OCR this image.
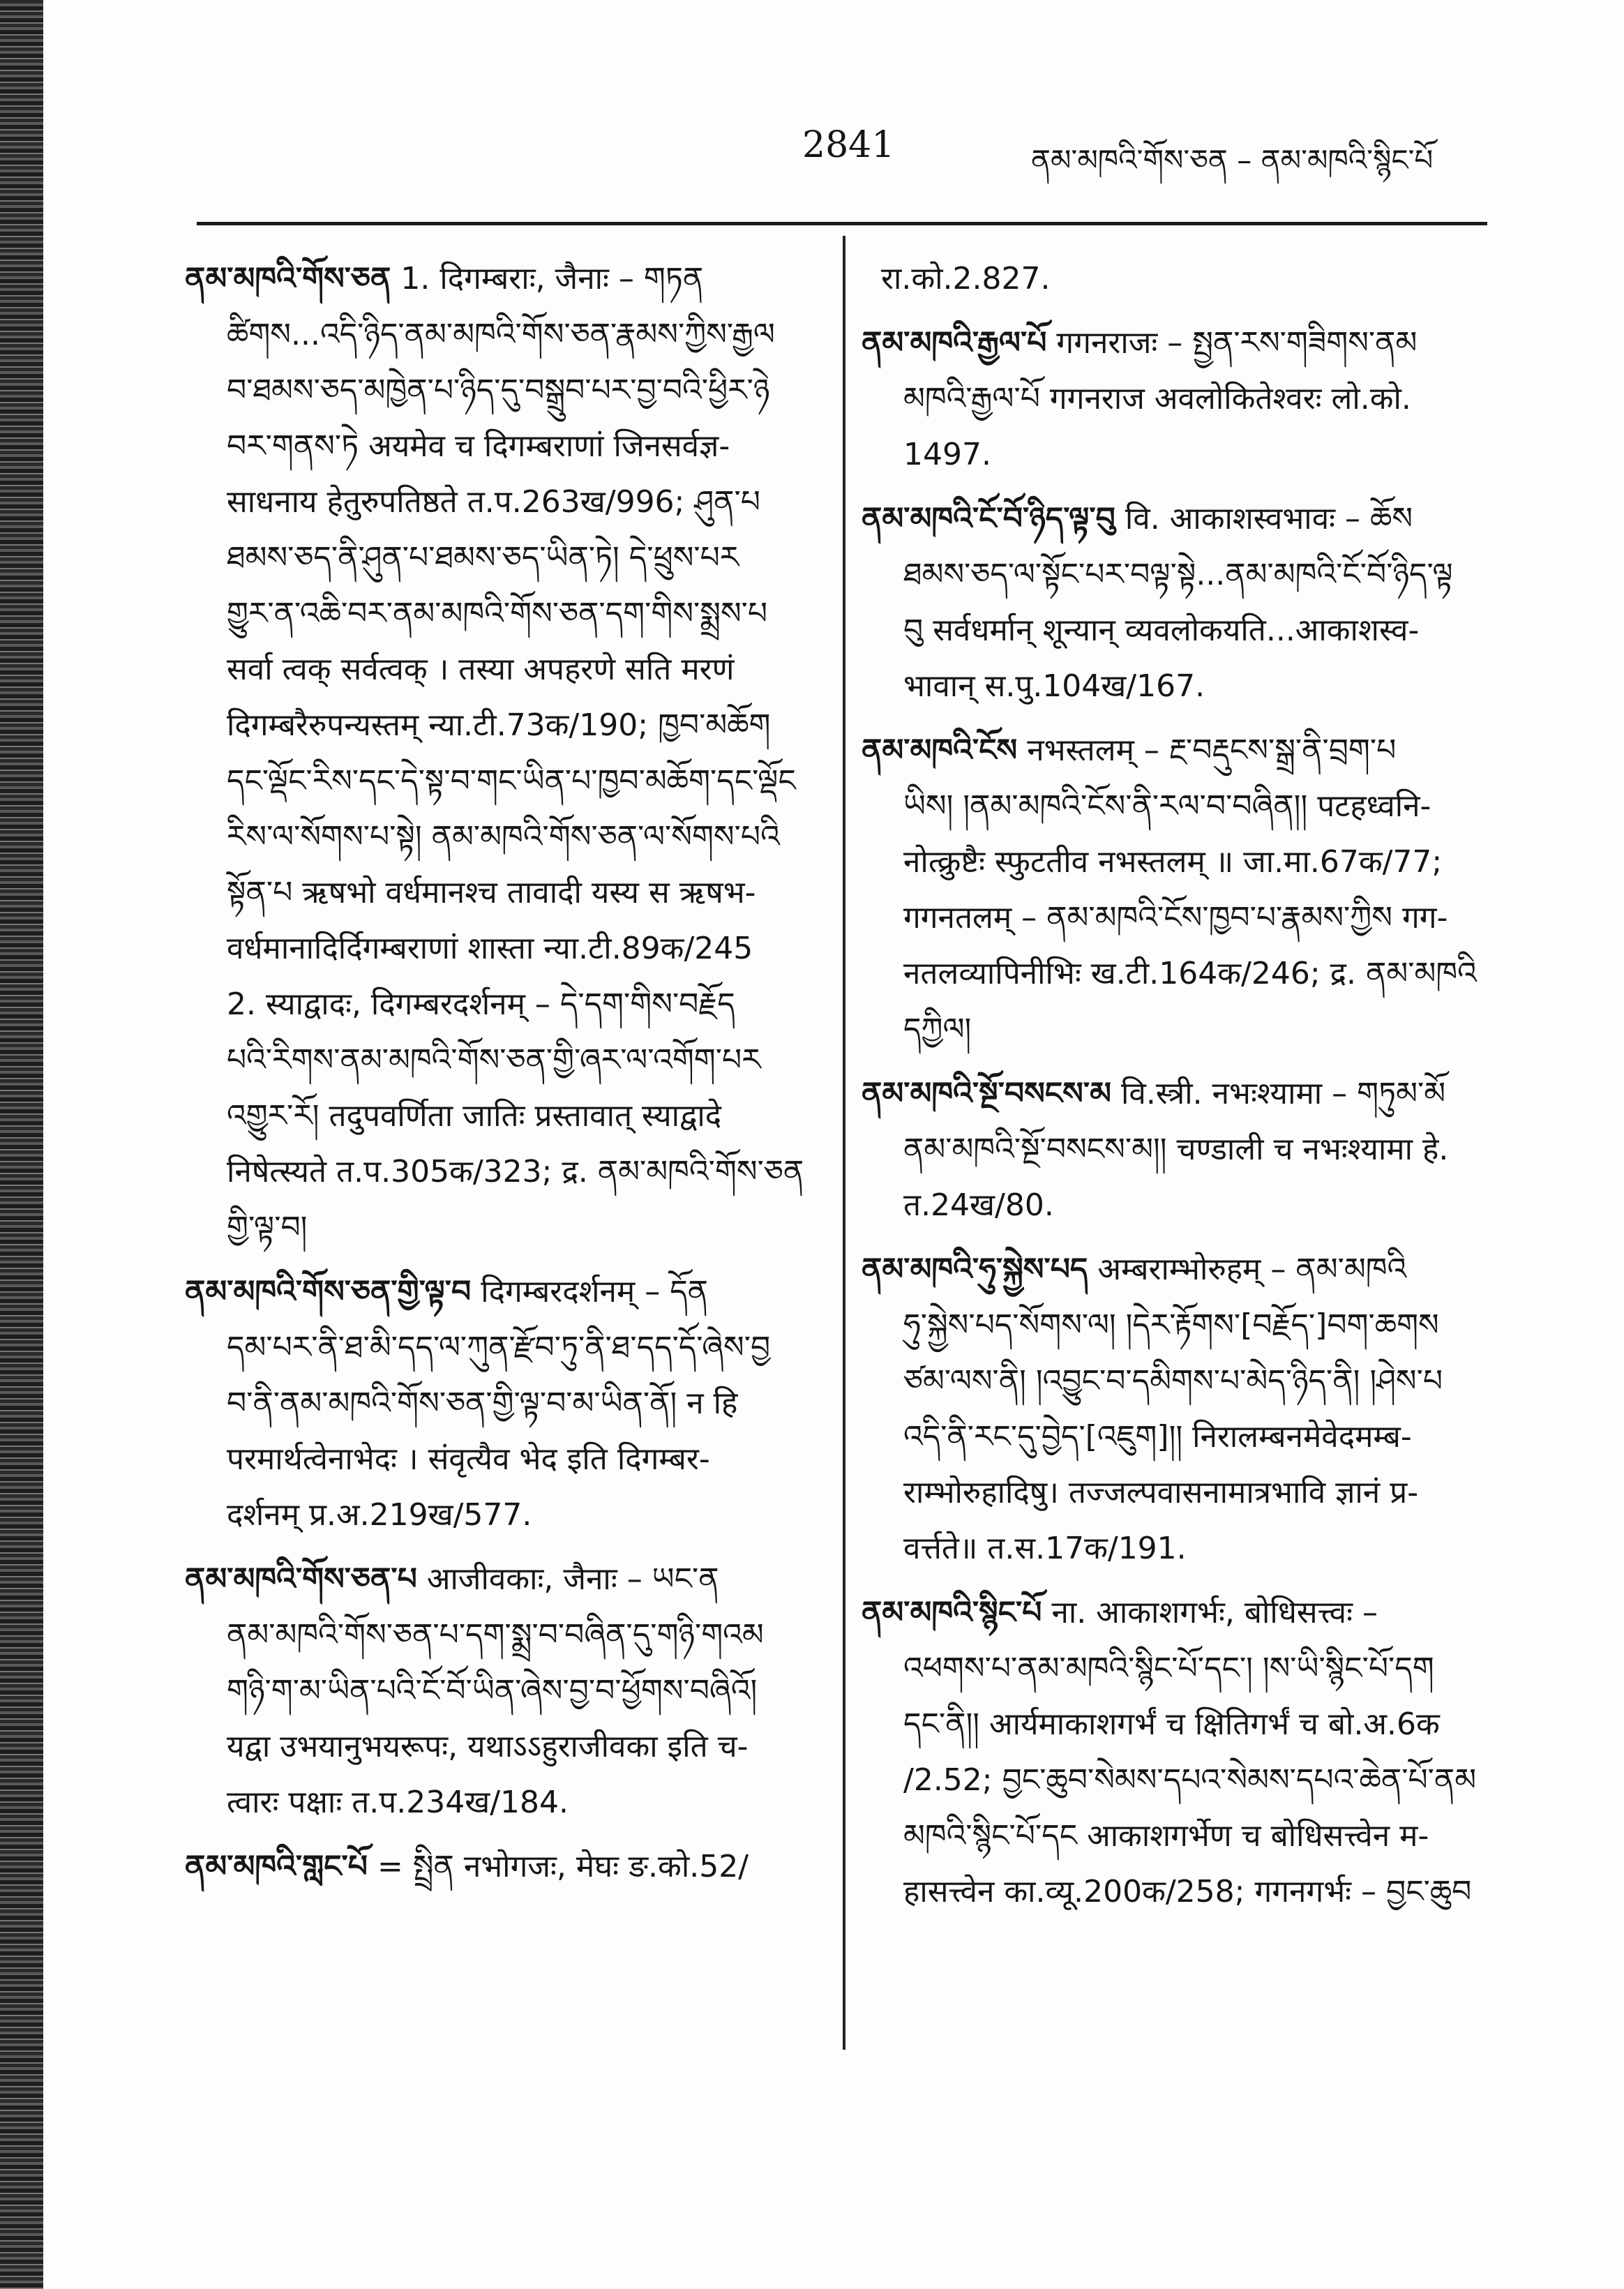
2841	ནམ་མཁའི་གོས་ཅན – ནམ་མཁའི་སྙིང་པོ

ནམ་མཁའི་གོས་ཅན 1. दिगम्बराः, जैनाः – གཏན

ཚིགས...འདི་ཉིད་ནམ་མཁའི་གོས་ཅན་རྣམས་ཀྱིས་རྒྱལ

བ་ཐམས་ཅད་མཁྱེན་པ་ཉིད་དུ་བསྒྲུབ་པར་བྱ་བའི་ཕྱིར་ཉེ

བར་གནས་ཏེ अयमेव च दिगम्बराणां जिनसर्वज्ञ-

साधनाय हेतुरुपतिष्ठते त.प.263ख/996; ཤུན་པ

ཐམས་ཅད་ནི་ཤུན་པ་ཐམས་ཅད་ཡིན་ཏེ། དེ་ཕྲུས་པར

གྱུར་ན་འཆི་བར་ནམ་མཁའི་གོས་ཅན་དག་གིས་སྨྲས་པ

सर्वा त्वक् सर्वत्वक् । तस्या अपहरणे सति मरणं

दिगम्बरैरुपन्यस्तम् न्या.टी.73क/190; ཁྱབ་མཆོག

དང་ལྡོང་རིས་དང་དེ་སྟ་བ་གང་ཡིན་པ་ཁྱབ་མཆོག་དང་ལྡོང

རིས་ལ་སོགས་པ་སྟེ། ནམ་མཁའི་གོས་ཅན་ལ་སོགས་པའི

སྟོན་པ ऋषभो वर्धमानश्च तावादी यस्य स ऋषभ-

वर्धमानादिर्दिगम्बराणां शास्ता न्या.टी.89क/245

2. स्याद्वादः, दिगम्बरदर्शनम् – དེ་དག་གིས་བརྗོད

པའི་རིགས་ནམ་མཁའི་གོས་ཅན་གྱི་ཞར་ལ་འགོག་པར

འགྱུར་རོ། तदुपवर्णिता जातिः प्रस्तावात् स्याद्वादे

निषेत्स्यते त.प.305क/323; द्र. ནམ་མཁའི་གོས་ཅན

གྱི་ལྟ་བ།

ནམ་མཁའི་གོས་ཅན་གྱི་ལྟ་བ दिगम्बरदर्शनम् – དོན

དམ་པར་ནི་ཐ་མི་དད་ལ་ཀུན་རྫོབ་ཏུ་ནི་ཐ་དད་དོ་ཞེས་བྱ

བ་ནི་ནམ་མཁའི་གོས་ཅན་གྱི་ལྟ་བ་མ་ཡིན་ནོ། न हि

परमार्थत्वेनाभेदः । संवृत्यैव भेद इति दिगम्बर-

दर्शनम् प्र.अ.219ख/577.

ནམ་མཁའི་གོས་ཅན་པ आजीवकाः, जैनाः – ཡང་ན

ནམ་མཁའི་གོས་ཅན་པ་དག་སྨྲ་བ་བཞིན་དུ་གཉི་གའམ

གཉི་ག་མ་ཡིན་པའི་ངོ་བོ་ཡིན་ཞེས་བྱ་བ་ཕྱོགས་བཞིའོ།

यद्वा उभयानुभयरूपः, यथाऽऽहुराजीवका इति च-

त्वारः पक्षाः त.प.234ख/184.

ནམ་མཁའི་གླང་པོ = སྤྲིན नभोगजः, मेघः ङ.को.52/

रा.को.2.827.

ནམ་མཁའི་རྒྱལ་པོ गगनराजः – སྤྱན་རས་གཟིགས་ནམ

མཁའི་རྒྱལ་པོ गगनराज अवलोकितेश्वरः लो.को.

1497.

ནམ་མཁའི་ངོ་བོ་ཉིད་ལྟ་བུ वि. आकाशस्वभावः – ཆོས

ཐམས་ཅད་ལ་སྟོང་པར་བལྟ་སྟེ...ནམ་མཁའི་ངོ་བོ་ཉིད་ལྟ

བུ सर्वधर्मान् शून्यान् व्यवलोकयति...आकाशस्व-

भावान् स.पु.104ख/167.

ནམ་མཁའི་ངོས नभस्तलम् – རྔ་བརྡུངས་སྒྲ་ནི་བྲག་པ

ཡིས། །ནམ་མཁའི་ངོས་ནི་རལ་བ་བཞིན།། पटहध्वनि-

नोत्क्रुष्टैः स्फुटतीव नभस्तलम् ॥ जा.मा.67क/77;

गगनतलम् – ནམ་མཁའི་ངོས་ཁྱབ་པ་རྣམས་ཀྱིས गग-

नतलव्यापिनीभिः ख.टी.164क/246; द्र. ནམ་མཁའི

དཀྱིལ།

ནམ་མཁའི་སྔོ་བསངས་མ वि.स्त्री. नभःश्यामा – གཏུམ་མོ

ནམ་མཁའི་སྔོ་བསངས་མ།། चण्डाली च नभःश्यामा हे.

त.24ख/80.

ནམ་མཁའི་ཧུ་སྐྱེས་པད अम्बराम्भोरुहम् – ནམ་མཁའི

ཧུ་སྐྱེས་པད་སོགས་ལ། །དེར་རྟོགས་[བརྗོད་]བག་ཆགས

ཙམ་ལས་ནི། །འབྱུང་བ་དམིགས་པ་མེད་ཉིད་ནི། །ཤེས་པ

འདི་ནི་རང་དུ་བྱེད་[འཇུག]།། निरालम्बनमेवेदमम्ब-

राम्भोरुहादिषु। तज्जल्पवासनामात्रभावि ज्ञानं प्र-

वर्त्तते॥ त.स.17क/191.

ནམ་མཁའི་སྙིང་པོ ना. आकाशगर्भः, बोधिसत्त्वः –

འཕགས་པ་ནམ་མཁའི་སྙིང་པོ་དང་། །ས་ཡི་སྙིང་པོ་དག

དང་ནི།། आर्यमाकाशगर्भं च क्षितिगर्भं च बो.अ.6क

/2.52; བྱང་ཆུབ་སེམས་དཔའ་སེམས་དཔའ་ཆེན་པོ་ནམ

མཁའི་སྙིང་པོ་དང आकाशगर्भेण च बोधिसत्त्वेन म-

हासत्त्वेन का.व्यू.200क/258; गगनगर्भः – བྱང་ཆུབ
